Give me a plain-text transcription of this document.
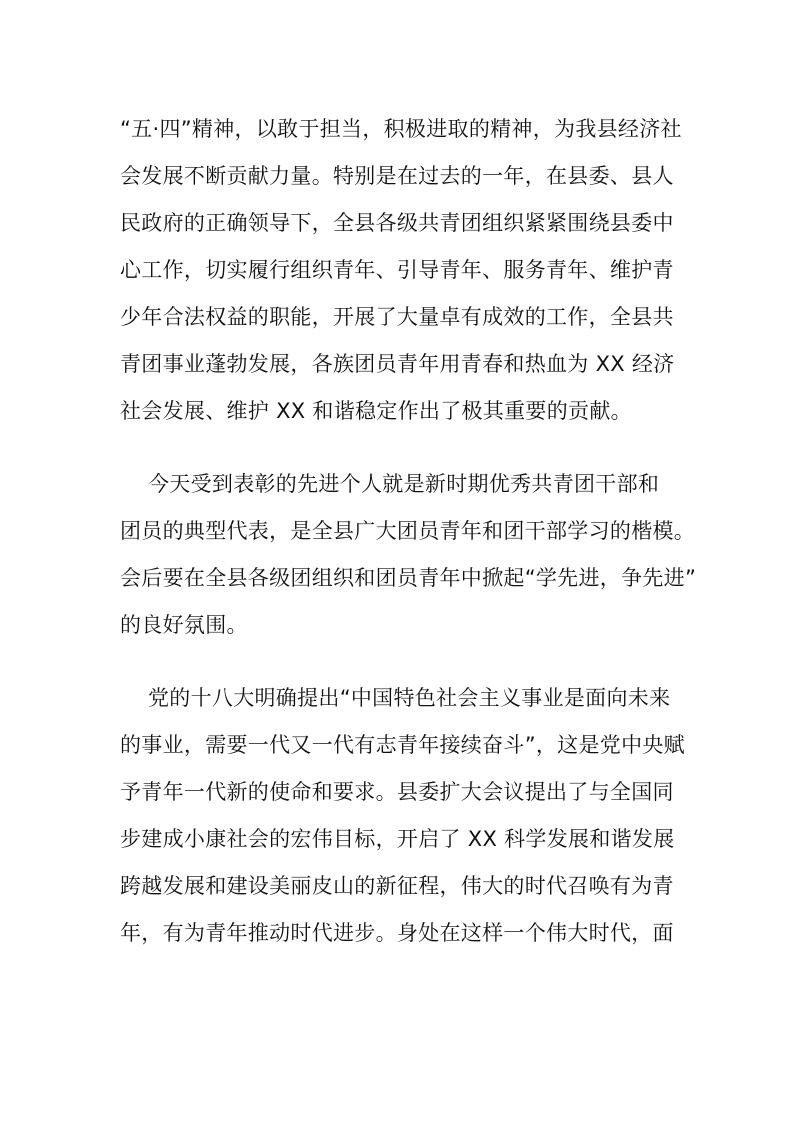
“五·四”精神，以敢于担当，积极进取的精神，为我县经济社
会发展不断贡献力量。特别是在过去的一年，在县委、县人
民政府的正确领导下，全县各级共青团组织紧紧围绕县委中
心工作，切实履行组织青年、引导青年、服务青年、维护青
少年合法权益的职能，开展了大量卓有成效的工作，全县共
青团事业蓬勃发展，各族团员青年用青春和热血为 XX 经济
社会发展、维护 XX 和谐稳定作出了极其重要的贡献。
今天受到表彰的先进个人就是新时期优秀共青团干部和
团员的典型代表，是全县广大团员青年和团干部学习的楷模。
会后要在全县各级团组织和团员青年中掀起“学先进，争先进”
的良好氛围。
党的十八大明确提出“中国特色社会主义事业是面向未来
的事业，需要一代又一代有志青年接续奋斗”，这是党中央赋
予青年一代新的使命和要求。县委扩大会议提出了与全国同
步建成小康社会的宏伟目标，开启了 XX 科学发展和谐发展
跨越发展和建设美丽皮山的新征程，伟大的时代召唤有为青
年，有为青年推动时代进步。身处在这样一个伟大时代，面
